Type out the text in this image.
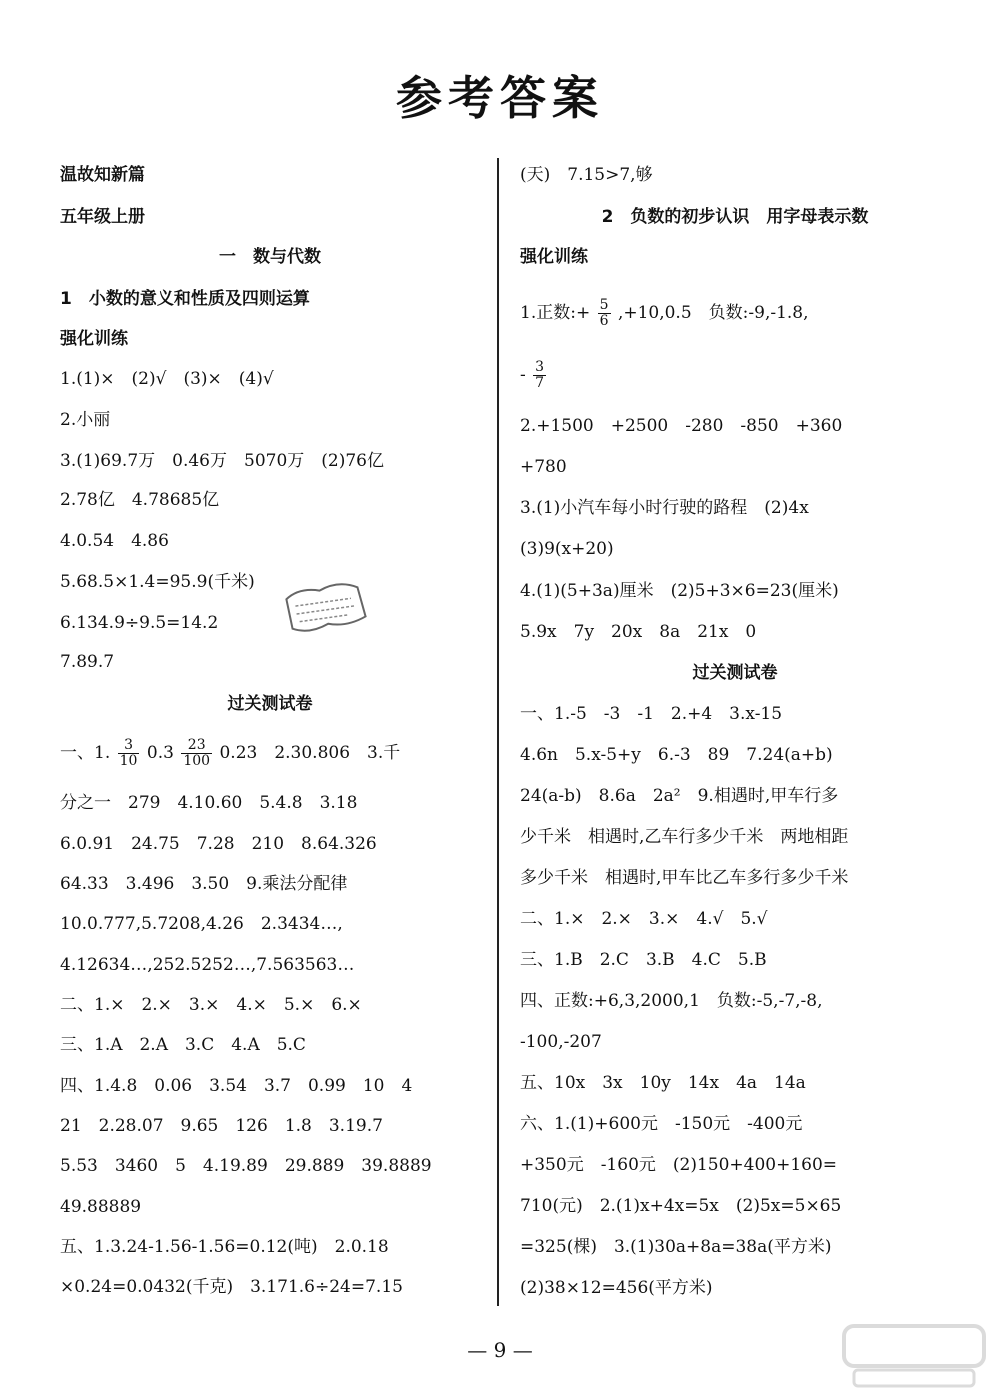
参考答案
温故知新篇
五年级上册
一　数与代数
1　小数的意义和性质及四则运算
强化训练
1.(1)×　(2)√　(3)×　(4)√
2.小丽
3.(1)69.7万　0.46万　5070万　(2)76亿
2.78亿　4.78685亿
4.0.54　4.86
5.68.5×1.4=95.9(千米)
6.134.9÷9.5=14.2
7.89.7
过关测试卷
一、1. $\frac{3}{10} 0.3 \frac{23}{100} 0.23$　2.30.806　3.千
分之一　279　4.10.60　5.4.8　3.18
6.0.91　24.75　7.28　210　8.64.326
64.33　3.496　3.50　9.乘法分配律
10.0.777,5.7208,4.26　2.3434…,
4.12634…,252.5252…,7.563563…
二、1.×　2.×　3.×　4.×　5.×　6.×
三、1.A　2.A　3.C　4.A　5.C
四、1.4.8　0.06　3.54　3.7　0.99　10　4
21　2.28.07　9.65　126　1.8　3.19.7
5.53　3460　5　4.19.89　29.889　39.8889
49.88889
五、1.3.24-1.56-1.56=0.12(吨)　2.0.18
×0.24=0.0432(千克)　3.171.6÷24=7.15
(天)　7.15>7,够
2　负数的初步认识　用字母表示数
强化训练
1.正数:+ $\frac{5}{6} ,+10,0.5$　负数:-9,-1.8,
- $\frac{3}{7}$
2.+1500　+2500　-280　-850　+360
+780
3.(1)小汽车每小时行驶的路程　(2)4x
(3)9(x+20)
4.(1)(5+3a)厘米　(2)5+3×6=23(厘米)
5.9x　7y　20x　8a　21x　0
过关测试卷
一、1.-5　-3　-1　2.+4　3.x-15
4.6n　5.x-5+y　6.-3　89　7.24(a+b)
24(a-b)　8.6a　2a²　9.相遇时,甲车行多
少千米　相遇时,乙车行多少千米　两地相距
多少千米　相遇时,甲车比乙车多行多少千米
二、1.×　2.×　3.×　4.√　5.√
三、1.B　2.C　3.B　4.C　5.B
四、正数:+6,3,2000,1　负数:-5,-7,-8,
-100,-207
五、10x　3x　10y　14x　4a　14a
六、1.(1)+600元　-150元　-400元
+350元　-160元　(2)150+400+160=
710(元)　2.(1)x+4x=5x　(2)5x=5×65
=325(棵)　3.(1)30a+8a=38a(平方米)
(2)38×12=456(平方米)
— 9 —
